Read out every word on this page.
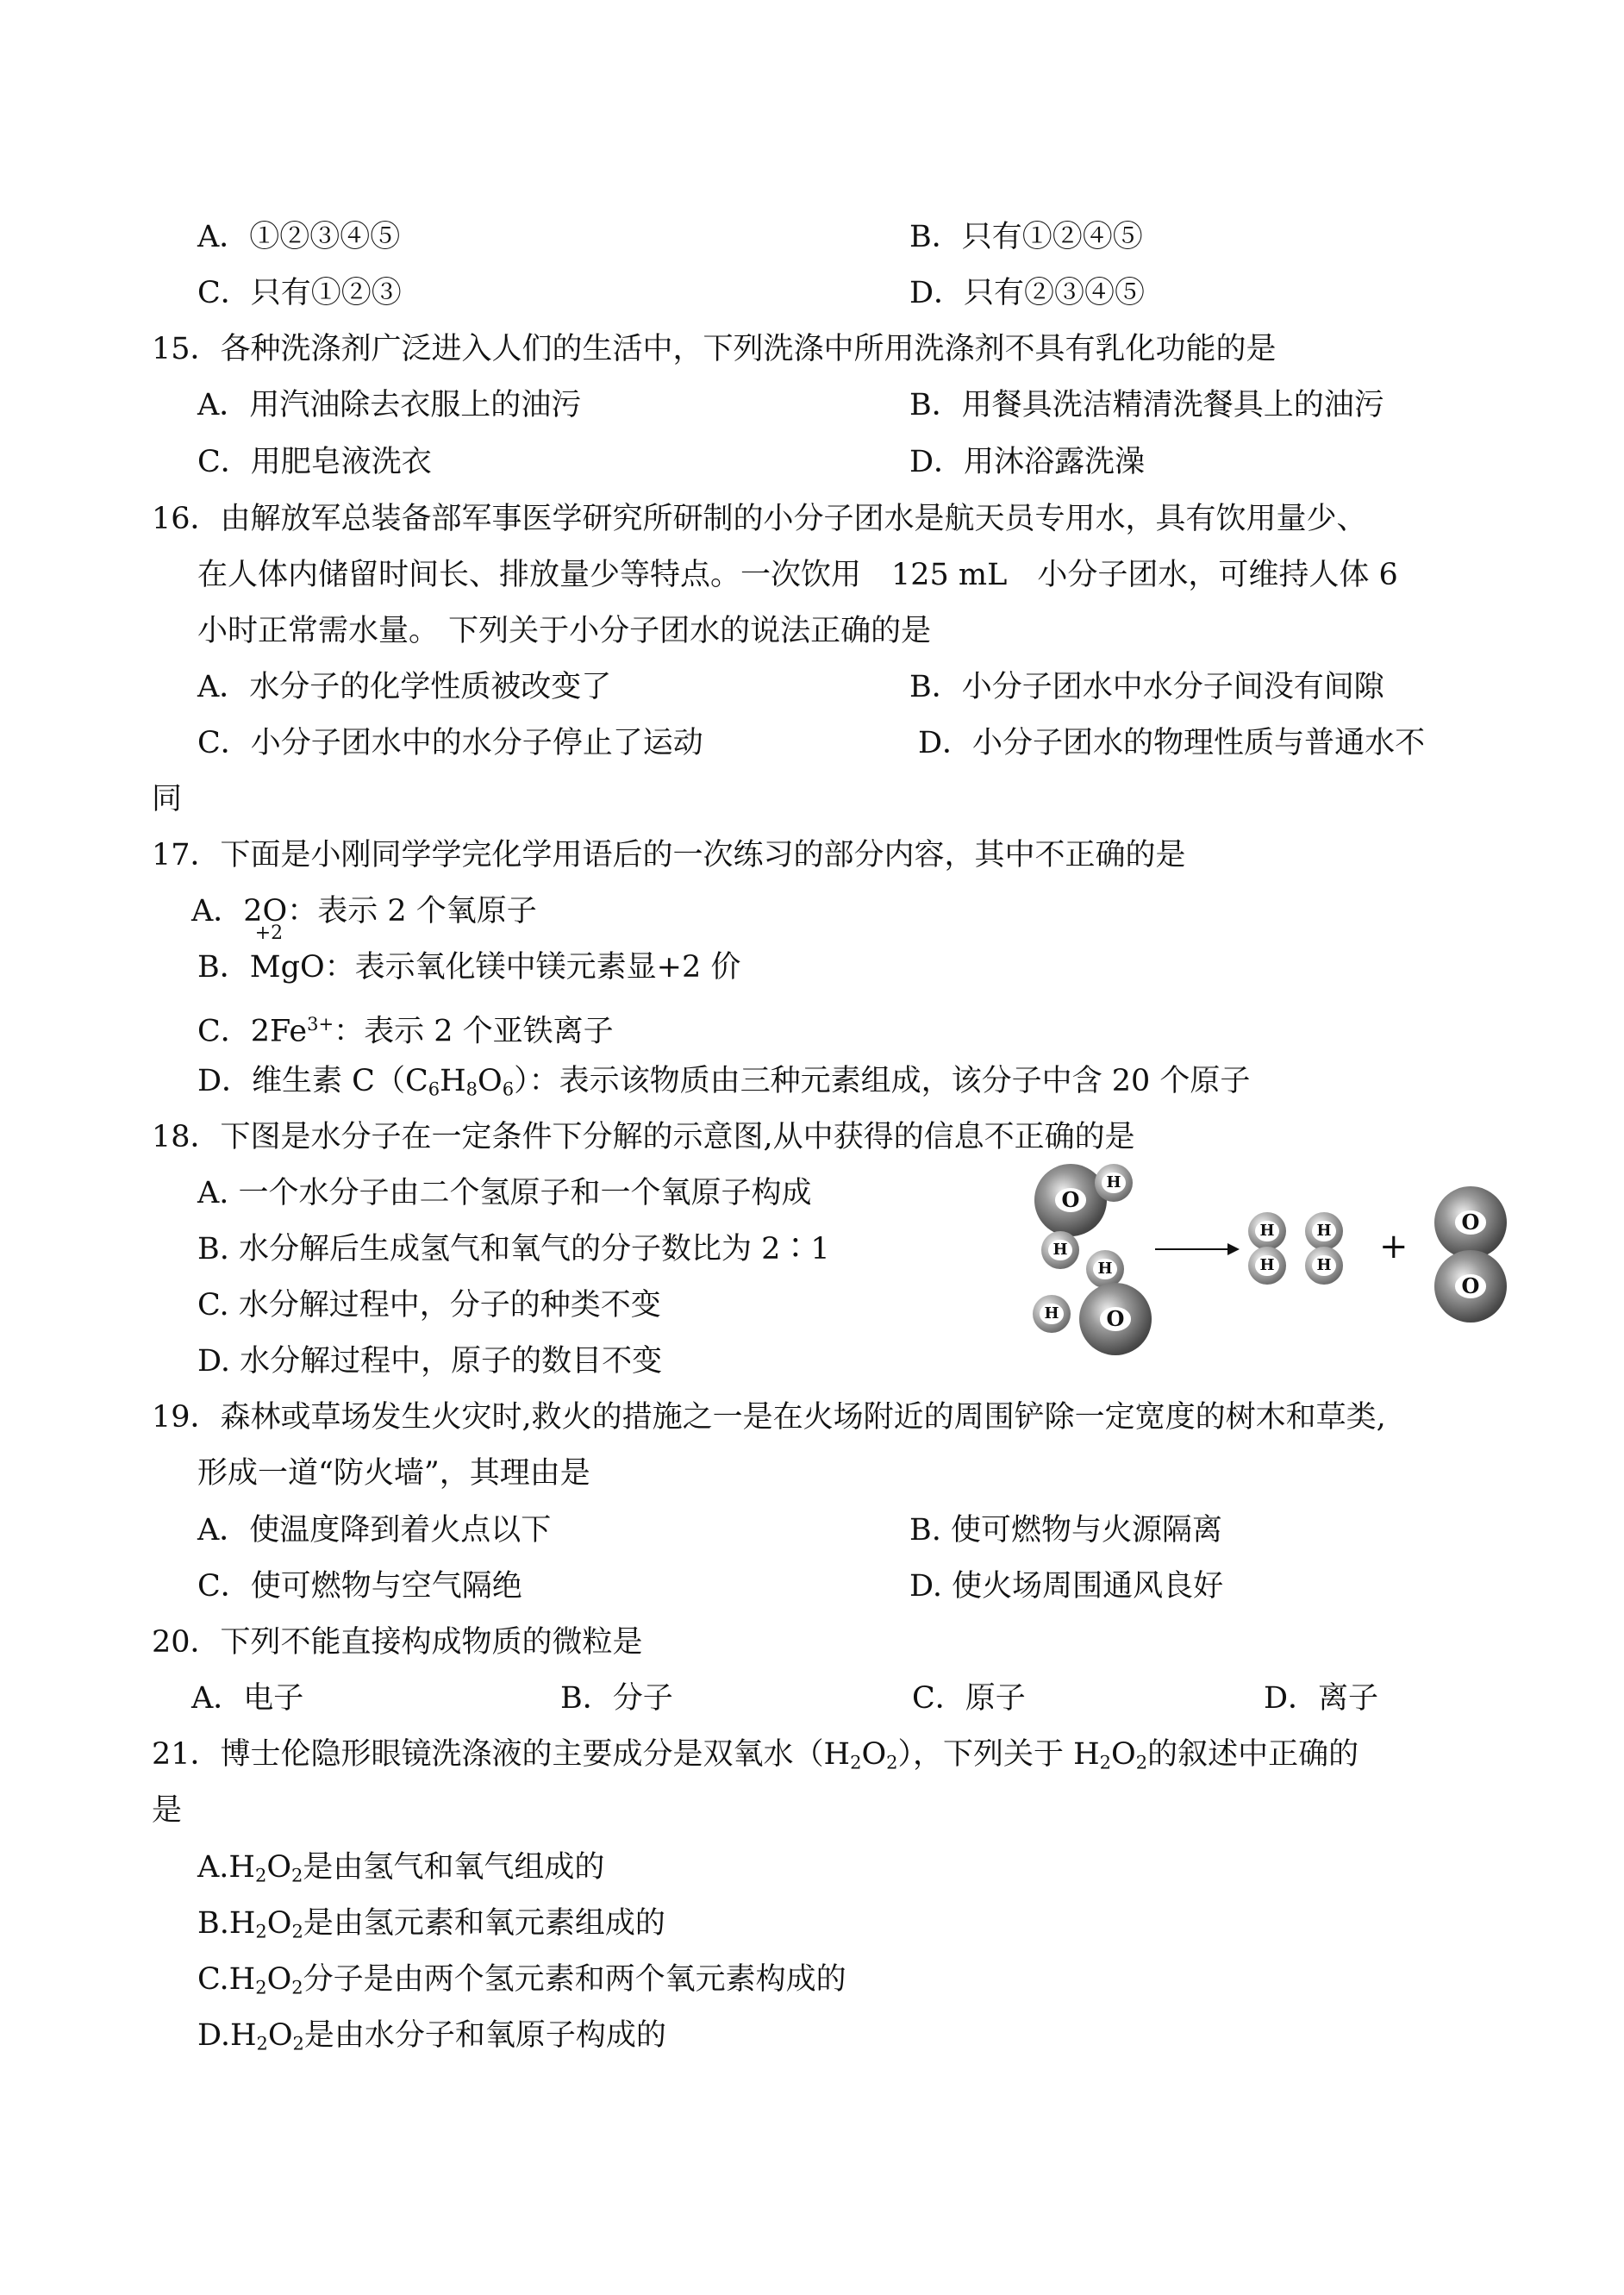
A．①②③④⑤	B．只有①②④⑤
C．只有①②③	D．只有②③④⑤
15．各种洗涤剂广泛进入人们的生活中，下列洗涤中所用洗涤剂不具有乳化功能的是
A．用汽油除去衣服上的油污	B．用餐具洗洁精清洗餐具上的油污
C．用肥皂液洗衣	D．用沐浴露洗澡
16．由解放军总装备部军事医学研究所研制的小分子团水是航天员专用水，具有饮用量少、
在人体内储留时间长、排放量少等特点。一次饮用　125 mL　小分子团水，可维持人体 6
小时正常需水量。 下列关于小分子团水的说法正确的是
A．水分子的化学性质被改变了	B．小分子团水中水分子间没有间隙
C．小分子团水中的水分子停止了运动	D．小分子团水的物理性质与普通水不
同
17．下面是小刚同学学完化学用语后的一次练习的部分内容，其中不正确的是
A．2O：表示 2 个氧原子
B．
+2
MgO：表示氧化镁中镁元素显+2 价
C．$2Fe^{3+}$：表示 2 个亚铁离子
D．维生素 $C(C_6H_8O_6)$：表示该物质由三种元素组成，该分子中含 20 个原子
18．下图是水分子在一定条件下分解的示意图,从中获得的信息不正确的是
A. 一个水分子由二个氢原子和一个氧原子构成
B. 水分解后生成氢气和氧气的分子数比为 2∶1
C. 水分解过程中，分子的种类不变
D. 水分解过程中，原子的数目不变
O
H
H
H
O
H
H
H
H
H +
O
O
19．森林或草场发生火灾时,救火的措施之一是在火场附近的周围铲除一定宽度的树木和草类,
形成一道“防火墙”，其理由是
A．使温度降到着火点以下	B. 使可燃物与火源隔离
C．使可燃物与空气隔绝	D. 使火场周围通风良好
20．下列不能直接构成物质的微粒是
A．电子	B．分子	C．原子	D．离子
21．博士伦隐形眼镜洗涤液的主要成分是双氧水$(H_2O_2)$，下列关于 $H_2O_2$的叙述中正确的
是
$A.H_2O_2$是由氢气和氧气组成的
$B.H_2O_2$是由氢元素和氧元素组成的
$C.H_2O_2$分子是由两个氢元素和两个氧元素构成的
$D.H_2O_2$是由水分子和氧原子构成的
